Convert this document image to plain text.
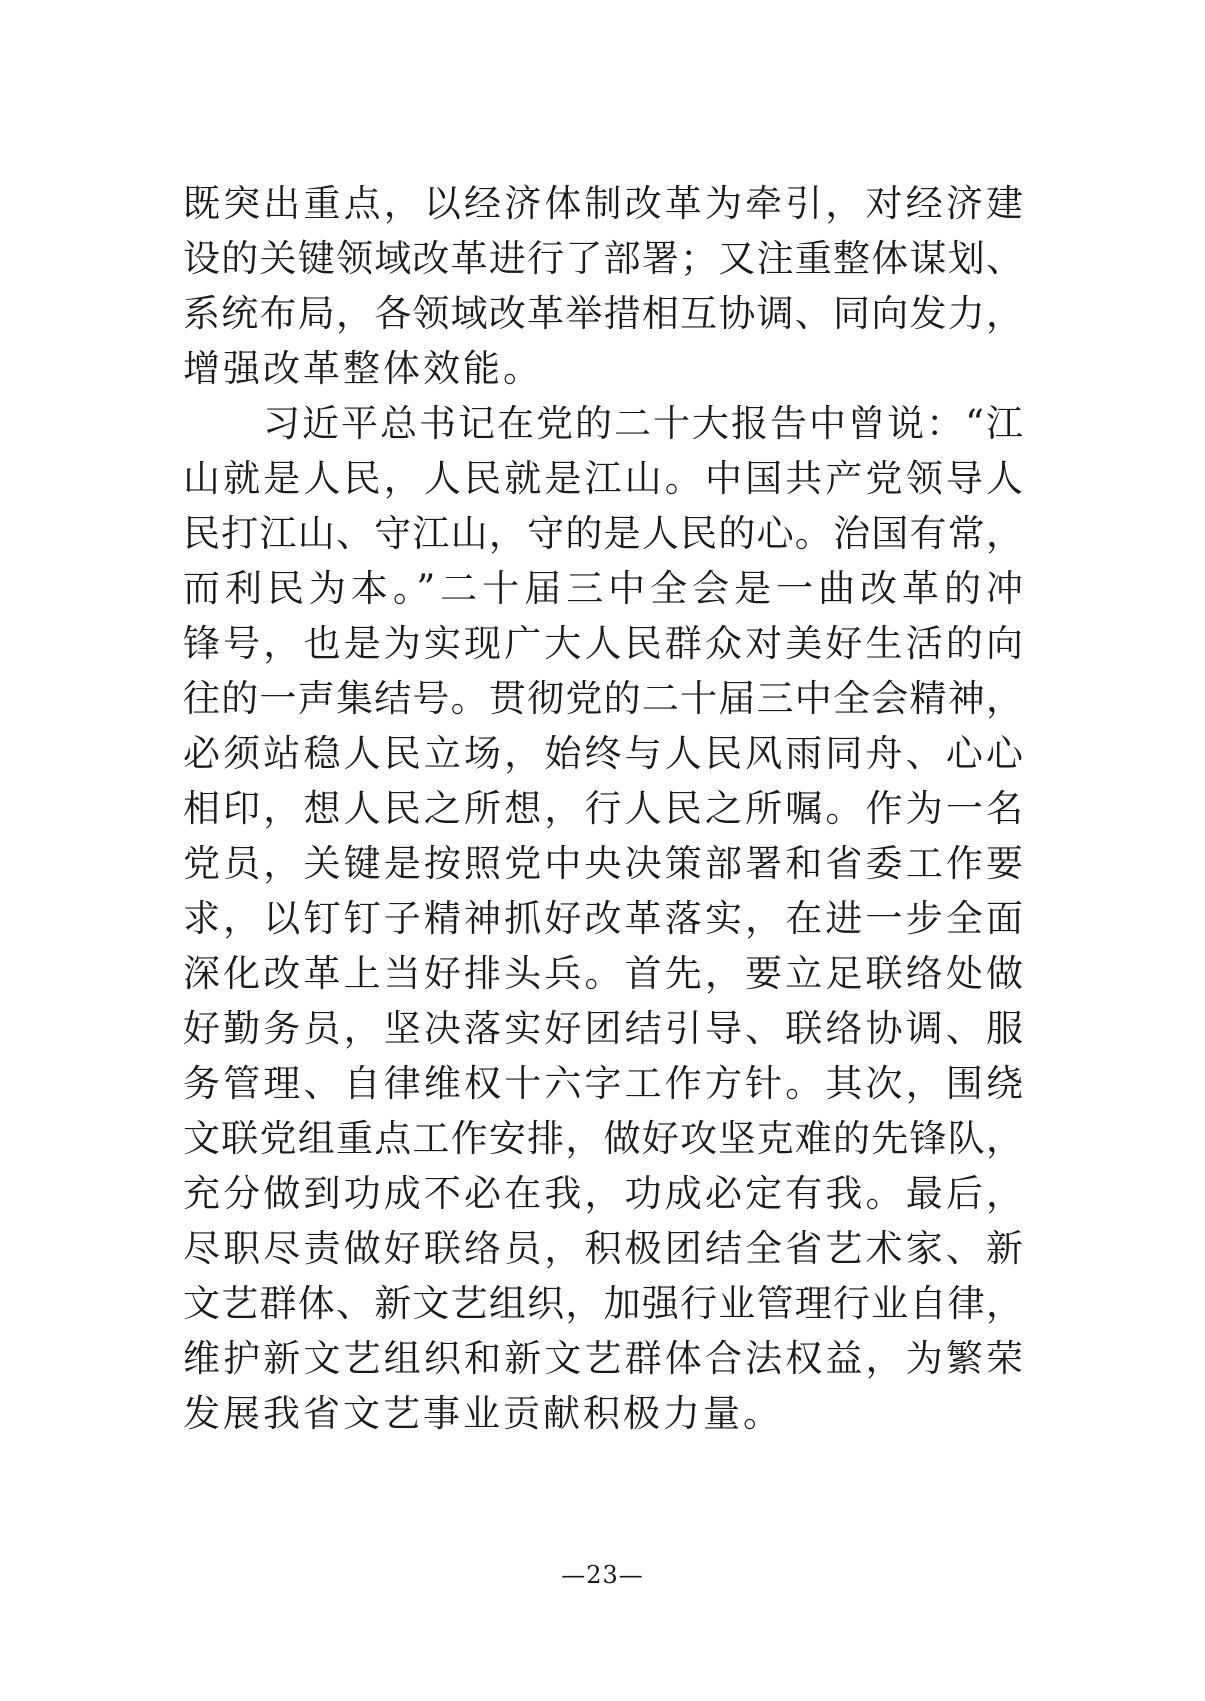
既突出重点，以经济体制改革为牵引，对经济建
设的关键领域改革进行了部署；又注重整体谋划、
系统布局，各领域改革举措相互协调、同向发力，
增强改革整体效能。
习近平总书记在党的二十大报告中曾说：“江
山就是人民，人民就是江山。中国共产党领导人
民打江山、守江山，守的是人民的心。治国有常，
而利民为本。”二十届三中全会是一曲改革的冲
锋号，也是为实现广大人民群众对美好生活的向
往的一声集结号。贯彻党的二十届三中全会精神，
必须站稳人民立场，始终与人民风雨同舟、心心
相印，想人民之所想，行人民之所嘱。作为一名
党员，关键是按照党中央决策部署和省委工作要
求，以钉钉子精神抓好改革落实，在进一步全面
深化改革上当好排头兵。首先，要立足联络处做
好勤务员，坚决落实好团结引导、联络协调、服
务管理、自律维权十六字工作方针。其次，围绕
文联党组重点工作安排，做好攻坚克难的先锋队，
充分做到功成不必在我，功成必定有我。最后，
尽职尽责做好联络员，积极团结全省艺术家、新
文艺群体、新文艺组织，加强行业管理行业自律，
维护新文艺组织和新文艺群体合法权益，为繁荣
发展我省文艺事业贡献积极力量。
—23—
